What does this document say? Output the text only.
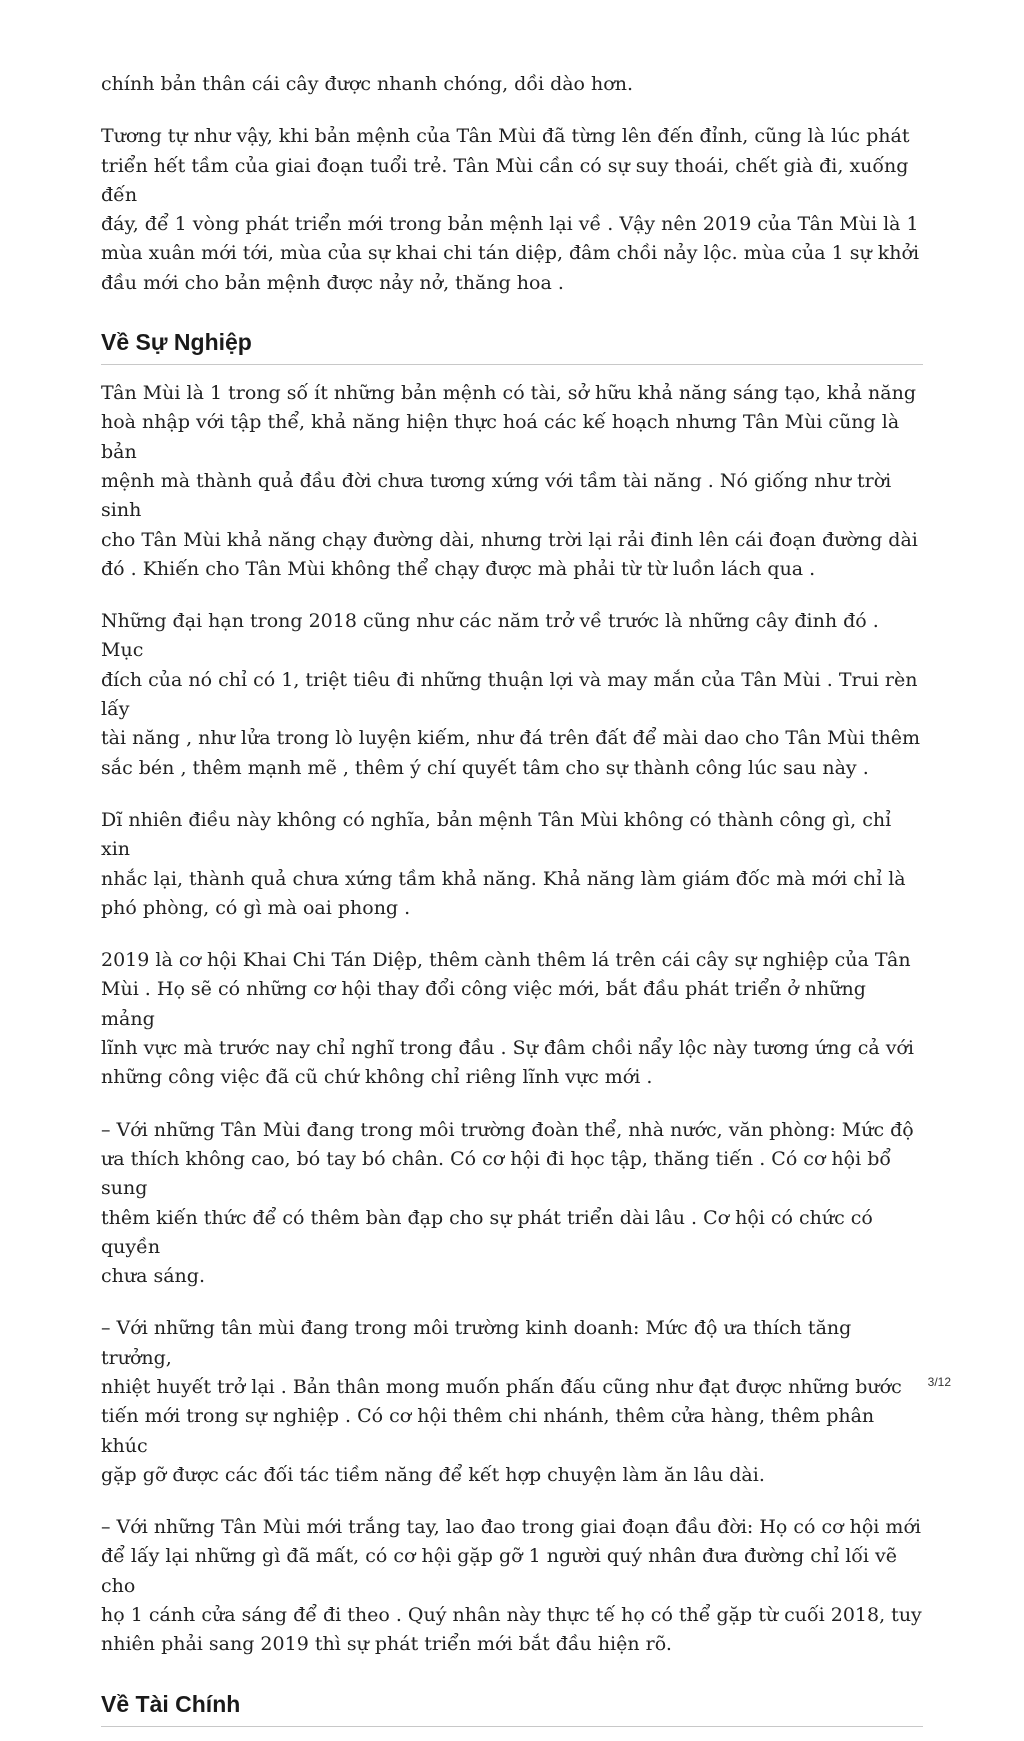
chính bản thân cái cây được nhanh chóng, dồi dào hơn.

Tương tự như vậy, khi bản mệnh của Tân Mùi đã từng lên đến đỉnh, cũng là lúc phát
triển hết tầm của giai đoạn tuổi trẻ. Tân Mùi cần có sự suy thoái, chết già đi, xuống đến
đáy, để 1 vòng phát triển mới trong bản mệnh lại về . Vậy nên 2019 của Tân Mùi là 1
mùa xuân mới tới, mùa của sự khai chi tán diệp, đâm chồi nảy lộc. mùa của 1 sự khởi
đầu mới cho bản mệnh được nảy nở, thăng hoa .

Về Sự Nghiệp

Tân Mùi là 1 trong số ít những bản mệnh có tài, sở hữu khả năng sáng tạo, khả năng
hoà nhập với tập thể, khả năng hiện thực hoá các kế hoạch nhưng Tân Mùi cũng là bản
mệnh mà thành quả đầu đời chưa tương xứng với tầm tài năng . Nó giống như trời sinh
cho Tân Mùi khả năng chạy đường dài, nhưng trời lại rải đinh lên cái đoạn đường dài
đó . Khiến cho Tân Mùi không thể chạy được mà phải từ từ luồn lách qua .

Những đại hạn trong 2018 cũng như các năm trở về trước là những cây đinh đó . Mục
đích của nó chỉ có 1, triệt tiêu đi những thuận lợi và may mắn của Tân Mùi . Trui rèn lấy
tài năng , như lửa trong lò luyện kiếm, như đá trên đất để mài dao cho Tân Mùi thêm
sắc bén , thêm mạnh mẽ , thêm ý chí quyết tâm cho sự thành công lúc sau này .

Dĩ nhiên điều này không có nghĩa, bản mệnh Tân Mùi không có thành công gì, chỉ xin
nhắc lại, thành quả chưa xứng tầm khả năng. Khả năng làm giám đốc mà mới chỉ là
phó phòng, có gì mà oai phong .

2019 là cơ hội Khai Chi Tán Diệp, thêm cành thêm lá trên cái cây sự nghiệp của Tân
Mùi . Họ sẽ có những cơ hội thay đổi công việc mới, bắt đầu phát triển ở những mảng
lĩnh vực mà trước nay chỉ nghĩ trong đầu . Sự đâm chồi nẩy lộc này tương ứng cả với
những công việc đã cũ chứ không chỉ riêng lĩnh vực mới .

– Với những Tân Mùi đang trong môi trường đoàn thể, nhà nước, văn phòng: Mức độ
ưa thích không cao, bó tay bó chân. Có cơ hội đi học tập, thăng tiến . Có cơ hội bổ sung
thêm kiến thức để có thêm bàn đạp cho sự phát triển dài lâu . Cơ hội có chức có quyền
chưa sáng.

– Với những tân mùi đang trong môi trường kinh doanh: Mức độ ưa thích tăng trưởng,
nhiệt huyết trở lại . Bản thân mong muốn phấn đấu cũng như đạt được những bước
tiến mới trong sự nghiệp . Có cơ hội thêm chi nhánh, thêm cửa hàng, thêm phân khúc
gặp gỡ được các đối tác tiềm năng để kết hợp chuyện làm ăn lâu dài.

– Với những Tân Mùi mới trắng tay, lao đao trong giai đoạn đầu đời: Họ có cơ hội mới
để lấy lại những gì đã mất, có cơ hội gặp gỡ 1 người quý nhân đưa đường chỉ lối vẽ cho
họ 1 cánh cửa sáng để đi theo . Quý nhân này thực tế họ có thể gặp từ cuối 2018, tuy
nhiên phải sang 2019 thì sự phát triển mới bắt đầu hiện rõ.

Về Tài Chính
3/12
